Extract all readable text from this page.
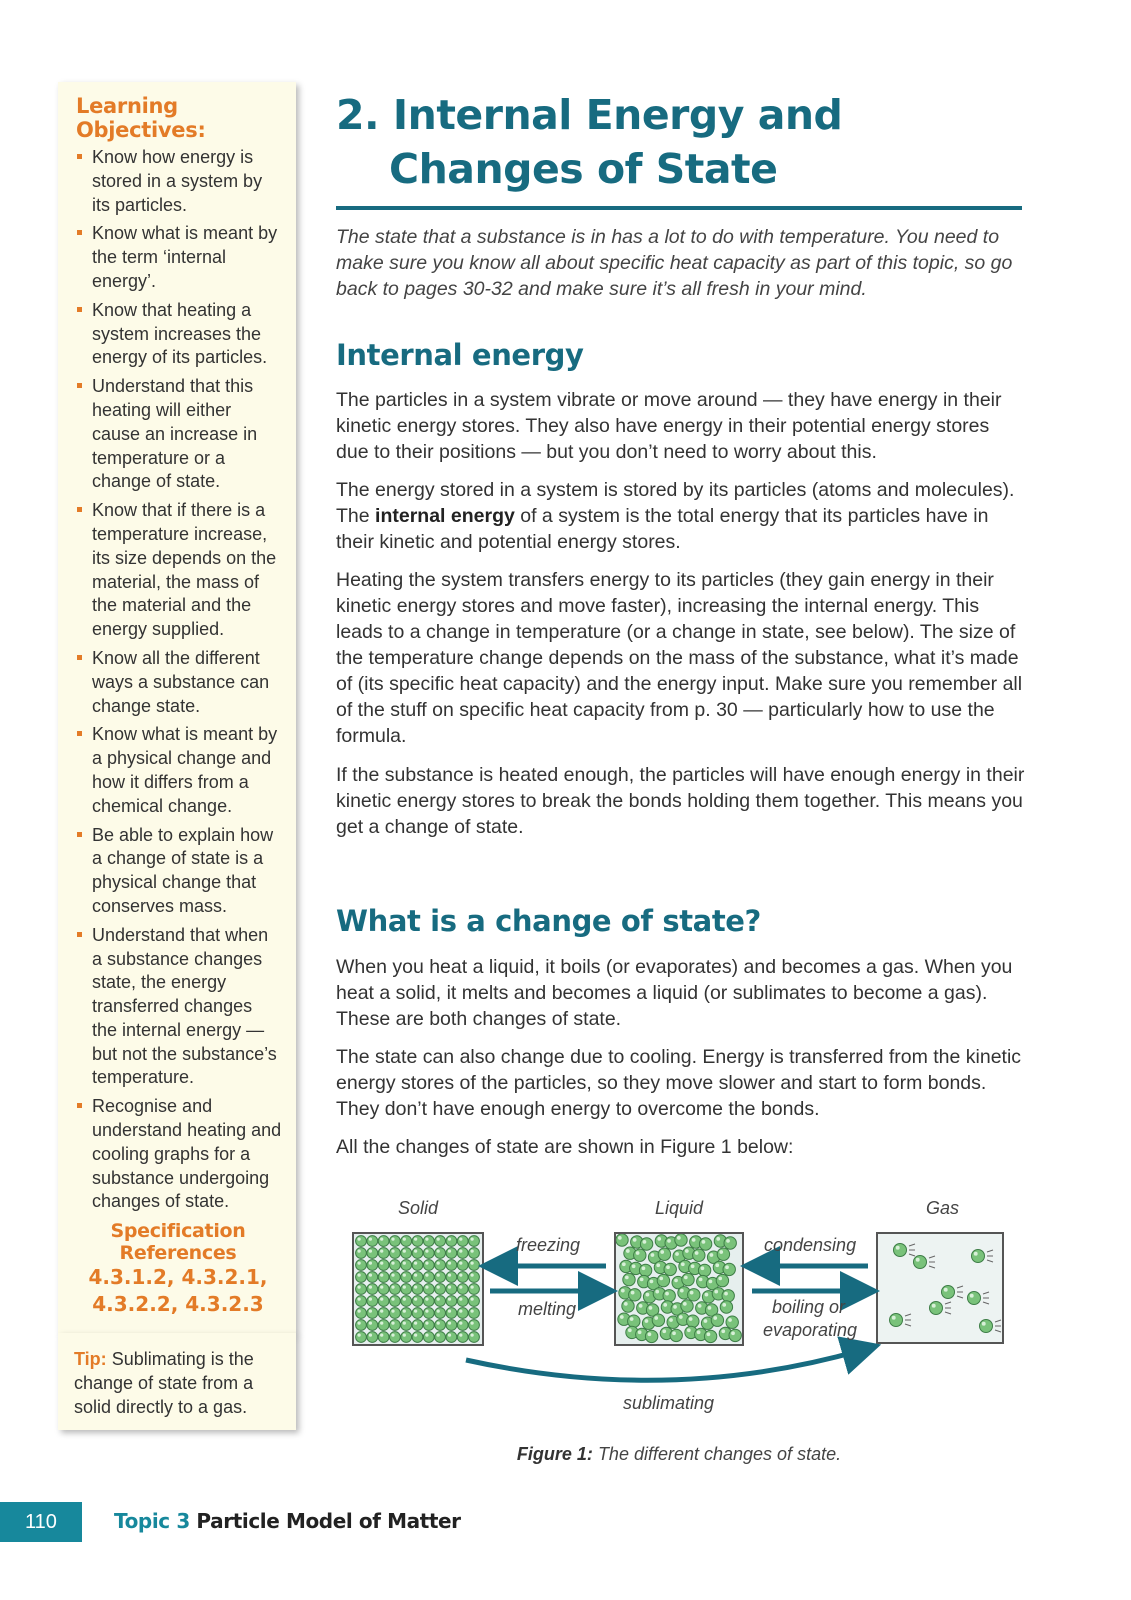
Learning Objectives:
Know how energy is stored in a system by its particles.
Know what is meant by the term ‘internal energy’.
Know that heating a system increases the energy of its particles.
Understand that this heating will either cause an increase in temperature or a change of state.
Know that if there is a temperature increase, its size depends on the material, the mass of the material and the energy supplied.
Know all the different ways a substance can change state.
Know what is meant by a physical change and how it differs from a chemical change.
Be able to explain how a change of state is a physical change that conserves mass.
Understand that when a substance changes state, the energy transferred changes the internal energy — but not the substance’s temperature.
Recognise and understand heating and cooling graphs for a substance undergoing changes of state.
Specification References
4.3.1.2, 4.3.2.1,
4.3.2.2, 4.3.2.3
Tip: Sublimating is the change of state from a solid directly to a gas.
2. Internal Energy and
Changes of State

The state that a substance is in has a lot to do with temperature. You need to make sure you know all about specific heat capacity as part of this topic, so go back to pages 30-32 and make sure it’s all fresh in your mind.

Internal energy

The particles in a system vibrate or move around — they have energy in their kinetic energy stores. They also have energy in their potential energy stores due to their positions — but you don’t need to worry about this.

The energy stored in a system is stored by its particles (atoms and molecules). The internal energy of a system is the total energy that its particles have in their kinetic and potential energy stores.

Heating the system transfers energy to its particles (they gain energy in their kinetic energy stores and move faster), increasing the internal energy. This leads to a change in temperature (or a change in state, see below). The size of the temperature change depends on the mass of the substance, what it’s made of (its specific heat capacity) and the energy input. Make sure you remember all of the stuff on specific heat capacity from p. 30 — particularly how to use the formula.

If the substance is heated enough, the particles will have enough energy in their kinetic energy stores to break the bonds holding them together. This means you get a change of state.

What is a change of state?

When you heat a liquid, it boils (or evaporates) and becomes a gas. When you heat a solid, it melts and becomes a liquid (or sublimates to become a gas). These are both changes of state.

The state can also change due to cooling. Energy is transferred from the kinetic energy stores of the particles, so they move slower and start to form bonds. They don’t have enough energy to overcome the bonds.

All the changes of state are shown in Figure 1 below:

Solid	Liquid	Gas
freezing
melting
condensing
boiling or
evaporating
sublimating
Figure 1: The different changes of state.
110	Topic 3 Particle Model of Matter
